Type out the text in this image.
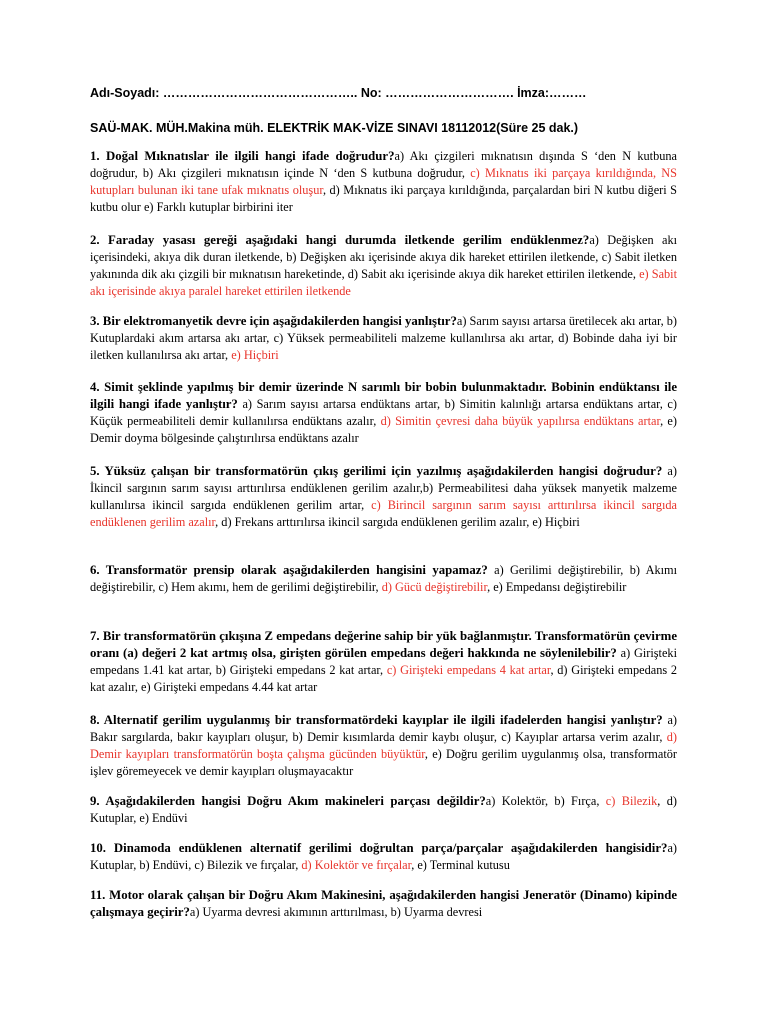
Adı-Soyadı: ……………………………………….. No: …………………………. İmza:………
SAÜ-MAK. MÜH.Makina müh. ELEKTRİK MAK-VİZE SINAVI 18112012(Süre 25 dak.)

1. Doğal Mıknatıslar ile ilgili hangi ifade doğrudur?a) Akı çizgileri mıknatısın dışında S ‘den N kutbuna doğrudur, b) Akı çizgileri mıknatısın içinde N ‘den S kutbuna doğrudur, c) Mıknatıs iki parçaya kırıldığında, NS kutupları bulunan iki tane ufak mıknatıs oluşur, d) Mıknatıs iki parçaya kırıldığında, parçalardan biri N kutbu diğeri S kutbu olur e) Farklı kutuplar birbirini iter

2. Faraday yasası gereği aşağıdaki hangi durumda iletkende gerilim endüklenmez?a) Değişken akı içerisindeki, akıya dik duran iletkende, b) Değişken akı içerisinde akıya dik hareket ettirilen iletkende, c) Sabit iletken yakınında dik akı çizgili bir mıknatısın hareketinde, d) Sabit akı içerisinde akıya dik hareket ettirilen iletkende, e) Sabit akı içerisinde akıya paralel hareket ettirilen iletkende

3. Bir elektromanyetik devre için aşağıdakilerden hangisi yanlıştır?a) Sarım sayısı artarsa üretilecek akı artar, b) Kutuplardaki akım artarsa akı artar, c) Yüksek permeabiliteli malzeme kullanılırsa akı artar, d) Bobinde daha iyi bir iletken kullanılırsa akı artar, e) Hiçbiri

4. Simit şeklinde yapılmış bir demir üzerinde N sarımlı bir bobin bulunmaktadır. Bobinin endüktansı ile ilgili hangi ifade yanlıştır? a) Sarım sayısı artarsa endüktans artar, b) Simitin kalınlığı artarsa endüktans artar, c) Küçük permeabiliteli demir kullanılırsa endüktans azalır, d) Simitin çevresi daha büyük yapılırsa endüktans artar, e) Demir doyma bölgesinde çalıştırılırsa endüktans azalır

5. Yüksüz çalışan bir transformatörün çıkış gerilimi için yazılmış aşağıdakilerden hangisi doğrudur? a) İkincil sargının sarım sayısı arttırılırsa endüklenen gerilim azalır,b) Permeabilitesi daha yüksek manyetik malzeme kullanılırsa ikincil sargıda endüklenen gerilim artar, c) Birincil sargının sarım sayısı arttırılırsa ikincil sargıda endüklenen gerilim azalır, d) Frekans arttırılırsa ikincil sargıda endüklenen gerilim azalır, e) Hiçbiri

6. Transformatör prensip olarak aşağıdakilerden hangisini yapamaz? a) Gerilimi değiştirebilir, b) Akımı değiştirebilir, c) Hem akımı, hem de gerilimi değiştirebilir, d) Gücü değiştirebilir, e) Empedansı değiştirebilir

7. Bir transformatörün çıkışına Z empedans değerine sahip bir yük bağlanmıştır. Transformatörün çevirme oranı (a) değeri 2 kat artmış olsa, girişten görülen empedans değeri hakkında ne söylenilebilir? a) Girişteki empedans 1.41 kat artar, b) Girişteki empedans 2 kat artar, c) Girişteki empedans 4 kat artar, d) Girişteki empedans 2 kat azalır, e) Girişteki empedans 4.44 kat artar

8. Alternatif gerilim uygulanmış bir transformatördeki kayıplar ile ilgili ifadelerden hangisi yanlıştır? a) Bakır sargılarda, bakır kayıpları oluşur, b) Demir kısımlarda demir kaybı oluşur, c) Kayıplar artarsa verim azalır, d) Demir kayıpları transformatörün boşta çalışma gücünden büyüktür, e) Doğru gerilim uygulanmış olsa, transformatör işlev göremeyecek ve demir kayıpları oluşmayacaktır

9. Aşağıdakilerden hangisi Doğru Akım makineleri parçası değildir?a) Kolektör, b) Fırça, c) Bilezik, d) Kutuplar, e) Endüvi

10. Dinamoda endüklenen alternatif gerilimi doğrultan parça/parçalar aşağıdakilerden hangisidir?a) Kutuplar, b) Endüvi, c) Bilezik ve fırçalar, d) Kolektör ve fırçalar, e) Terminal kutusu

11. Motor olarak çalışan bir Doğru Akım Makinesini, aşağıdakilerden hangisi Jeneratör (Dinamo) kipinde çalışmaya geçirir?a) Uyarma devresi akımının arttırılması, b) Uyarma devresi
